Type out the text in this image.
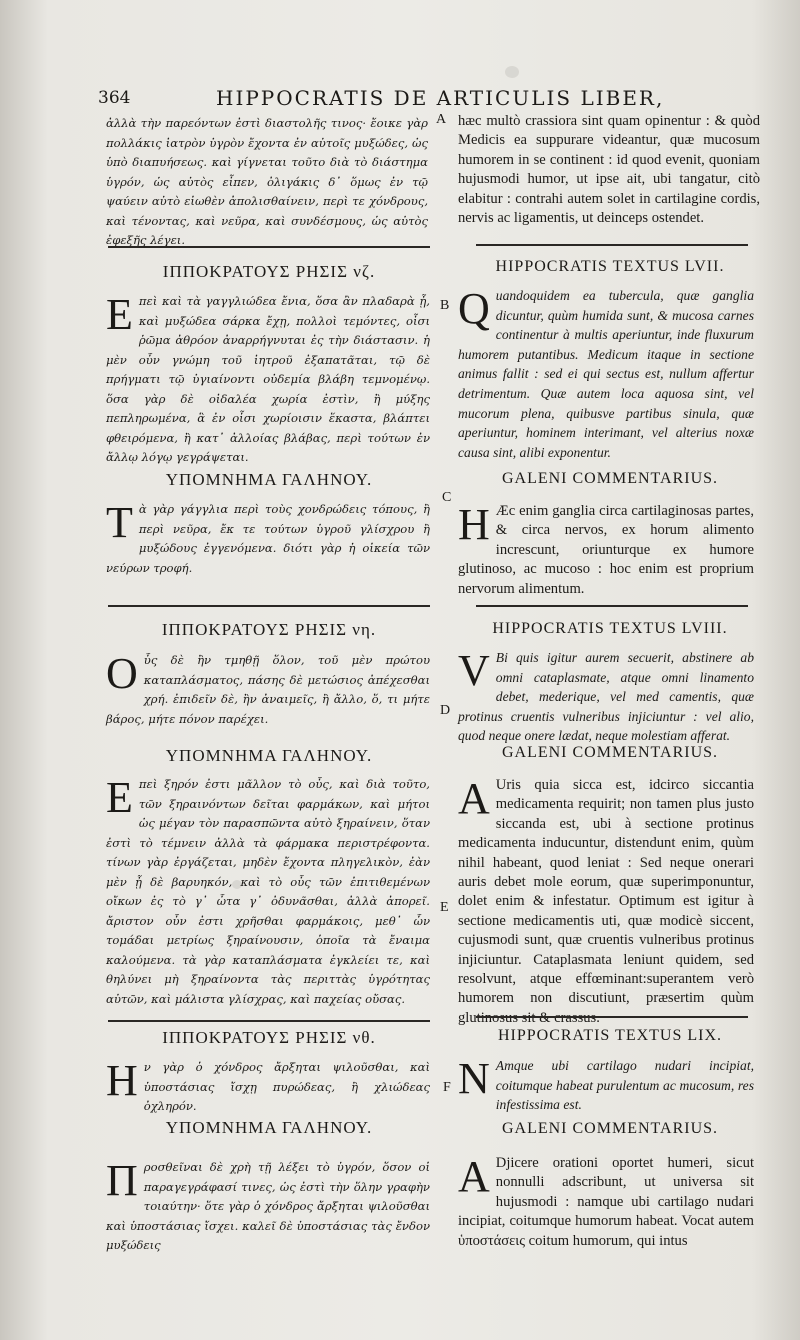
364	HIPPOCRATIS DE ARTICULIS LIBER,
A
B
C
D
E
F

ἀλλὰ τὴν παρεόντων ἐστὶ διαστολῆς τινος· ἔοικε γὰρ πολλάκις ἰατρὸν ὑγρὸν ἔχοντα ἐν αὐτοῖς μυξώδες, ὡς ὑπὸ διαπυήσεως. καὶ γίγνεται τοῦτο διὰ τὸ διάστημα ὑγρόν, ὡς αὐτὸς εἶπεν, ὀλιγάκις δ᾽ ὅμως ἐν τῷ ψαύειν αὐτὸ εἰωθὲν ἀπολισθαίνειν, περὶ τε χόνδρους, καὶ τένοντας, καὶ νεῦρα, καὶ συνδέσμους, ὡς αὐτὸς ἐφεξῆς λέγει.

ΙΠΠΟΚΡΑΤΟΥΣ ΡΗΣΙΣ νζ.
Ε πεὶ καὶ τὰ γαγγλιώδεα ἔνια, ὅσα ἂν πλαδαρὰ ᾖ, καὶ μυξώδεα σάρκα ἔχῃ, πολλοὶ τεμόντες, οἷσι ῥῶμα ἀθρόον ἀναρρήγνυται ἐς τὴν διάστασιν. ἡ μὲν οὖν γνώμη τοῦ ἰητροῦ ἐξαπατᾶται, τῷ δὲ πρήγματι τῷ ὑγιαίνοντι οὐδεμία βλάβη τεμνομένῳ. ὅσα γὰρ δὲ οἰδαλέα χωρία ἐστὶν, ἢ μύξης πεπληρωμένα, ἃ ἐν οἷσι χωρίοισιν ἕκαστα, βλάπτει φθειρόμενα, ἢ κατ᾽ ἀλλοίας βλάβας, περὶ τούτων ἐν ἄλλῳ λόγῳ γεγράψεται.

ΥΠΟΜΝΗΜΑ ΓΑΛΗΝΟΥ.
Τ ὰ γὰρ γάγγλια περὶ τοὺς χονδρώδεις τόπους, ἢ περὶ νεῦρα, ἔκ τε τούτων ὑγροῦ γλίσχρου ἢ μυξώδους ἐγγενόμενα. διότι γὰρ ἡ οἰκεία τῶν νεύρων τροφή.

ΙΠΠΟΚΡΑΤΟΥΣ ΡΗΣΙΣ νη.
Ο ὖς δὲ ἢν τμηθῇ ὅλον, τοῦ μὲν πρώτου καταπλάσματος, πάσης δὲ μετώσιος ἀπέχεσθαι χρή. ἐπιδεῖν δὲ, ἢν ἀναιμεῖς, ἢ ἄλλο, ὅ, τι μήτε βάρος, μήτε πόνον παρέχει.

ΥΠΟΜΝΗΜΑ ΓΑΛΗΝΟΥ.
Ε πεὶ ξηρόν ἐστι μᾶλλον τὸ οὖς, καὶ διὰ τοῦτο, τῶν ξηραινόντων δεῖται φαρμάκων, καὶ μήτοι ὡς μέγαν τὸν παρασπῶντα αὐτὸ ξηραίνειν, ὅταν ἐστὶ τὸ τέμνειν ἀλλὰ τὰ φάρμακα περιστρέφοντα. τίνων γὰρ ἐργάζεται, μηδὲν ἔχοντα πληγελικὸν, ἐὰν μὲν ᾖ δὲ βαρυηκόν, καὶ τὸ οὖς τῶν ἐπιτιθεμένων οἴκων ἐς τὸ γ᾽ ὦτα γ᾽ ὀδυνᾶσθαι, ἀλλὰ ἀπορεῖ. ἄριστον οὖν ἐστι χρῆσθαι φαρμάκοις, μεθ᾽ ὧν τομάδαι μετρίως ξηραίνουσιν, ὁποῖα τὰ ἔναιμα καλούμενα. τὰ γὰρ καταπλάσματα ἐγκλείει τε, καὶ θηλύνει μὴ ξηραίνοντα τὰς περιττὰς ὑγρότητας αὐτῶν, καὶ μάλιστα γλίσχρας, καὶ παχείας οὔσας.

ΙΠΠΟΚΡΑΤΟΥΣ ΡΗΣΙΣ νθ.
Η ν γὰρ ὁ χόνδρος ἄρξηται ψιλοῦσθαι, καὶ ὑποστάσιας ἴσχῃ πυρώδεας, ἢ χλιώδεας ὀχληρόν.

ΥΠΟΜΝΗΜΑ ΓΑΛΗΝΟΥ.
Π ροσθεῖναι δὲ χρὴ τῇ λέξει τὸ ὑγρόν, ὅσον οἱ παραγεγράφασί τινες, ὡς ἐστὶ τὴν ὅλην γραφὴν τοιαύτην· ὅτε γὰρ ὁ χόνδρος ἄρξηται ψιλοῦσθαι καὶ ὑποστάσιας ἴσχει. καλεῖ δὲ ὑποστάσιας τὰς ἔνδον μυξώδεις

hæc multò crassiora sint quam opinentur : & quòd Medicis ea suppurare videantur, quæ mucosum humorem in se continent : id quod evenit, quoniam hujusmodi humor, ut ipse ait, ubi tangatur, citò elabitur : contrahi autem solet in cartilagine cordis, nervis ac ligamentis, ut deinceps ostendet.

HIPPOCRATIS TEXTUS LVII.
Q uandoquidem ea tubercula, quæ ganglia dicuntur, quùm humida sunt, & mucosa carnes continentur à multis aperiuntur, inde fluxurum humorem putantibus. Medicum itaque in sectione animus fallit : sed ei qui sectus est, nullum affertur detrimentum. Quæ autem loca aquosa sint, vel mucorum plena, quibusve partibus sinula, quæ aperiuntur, hominem interimant, vel alterius noxæ causa sint, alibi exponentur.

GALENI COMMENTARIUS.
H Æc enim ganglia circa cartilaginosas partes, & circa nervos, ex horum alimento increscunt, oriunturque ex humore glutinoso, ac mucoso : hoc enim est proprium nervorum alimentum.

HIPPOCRATIS TEXTUS LVIII.
V Bi quis igitur aurem secuerit, abstinere ab omni cataplasmate, atque omni linamento debet, mederique, vel med camentis, quæ protinus cruentis vulneribus injiciuntur : vel alio, quod neque onere lædat, neque molestiam afferat.

GALENI COMMENTARIUS.
A Uris quia sicca est, idcirco siccantia medicamenta requirit; non tamen plus justo siccanda est, ubi à sectione protinus medicamenta inducuntur, distendunt enim, quùm nihil habeant, quod leniat : Sed neque onerari auris debet mole eorum, quæ superimponuntur, dolet enim & infestatur. Optimum est igitur à sectione medicamentis uti, quæ modicè siccent, cujusmodi sunt, quæ cruentis vulneribus protinus injiciuntur. Cataplasmata leniunt quidem, sed resolvunt, atque effœminant:superantem verò humorem non discutiunt, præsertim quùm glutinosus sit & crassus.

HIPPOCRATIS TEXTUS LIX.
N Amque ubi cartilago nudari incipiat, coitumque habeat purulentum ac mucosum, res infestissima est.

GALENI COMMENTARIUS.
A Djicere orationi oportet humeri, sicut nonnulli adscribunt, ut universa sit hujusmodi : namque ubi cartilago nudari incipiat, coitumque humorum habeat. Vocat autem ὑποστάσεις coitum humorum, qui intus
